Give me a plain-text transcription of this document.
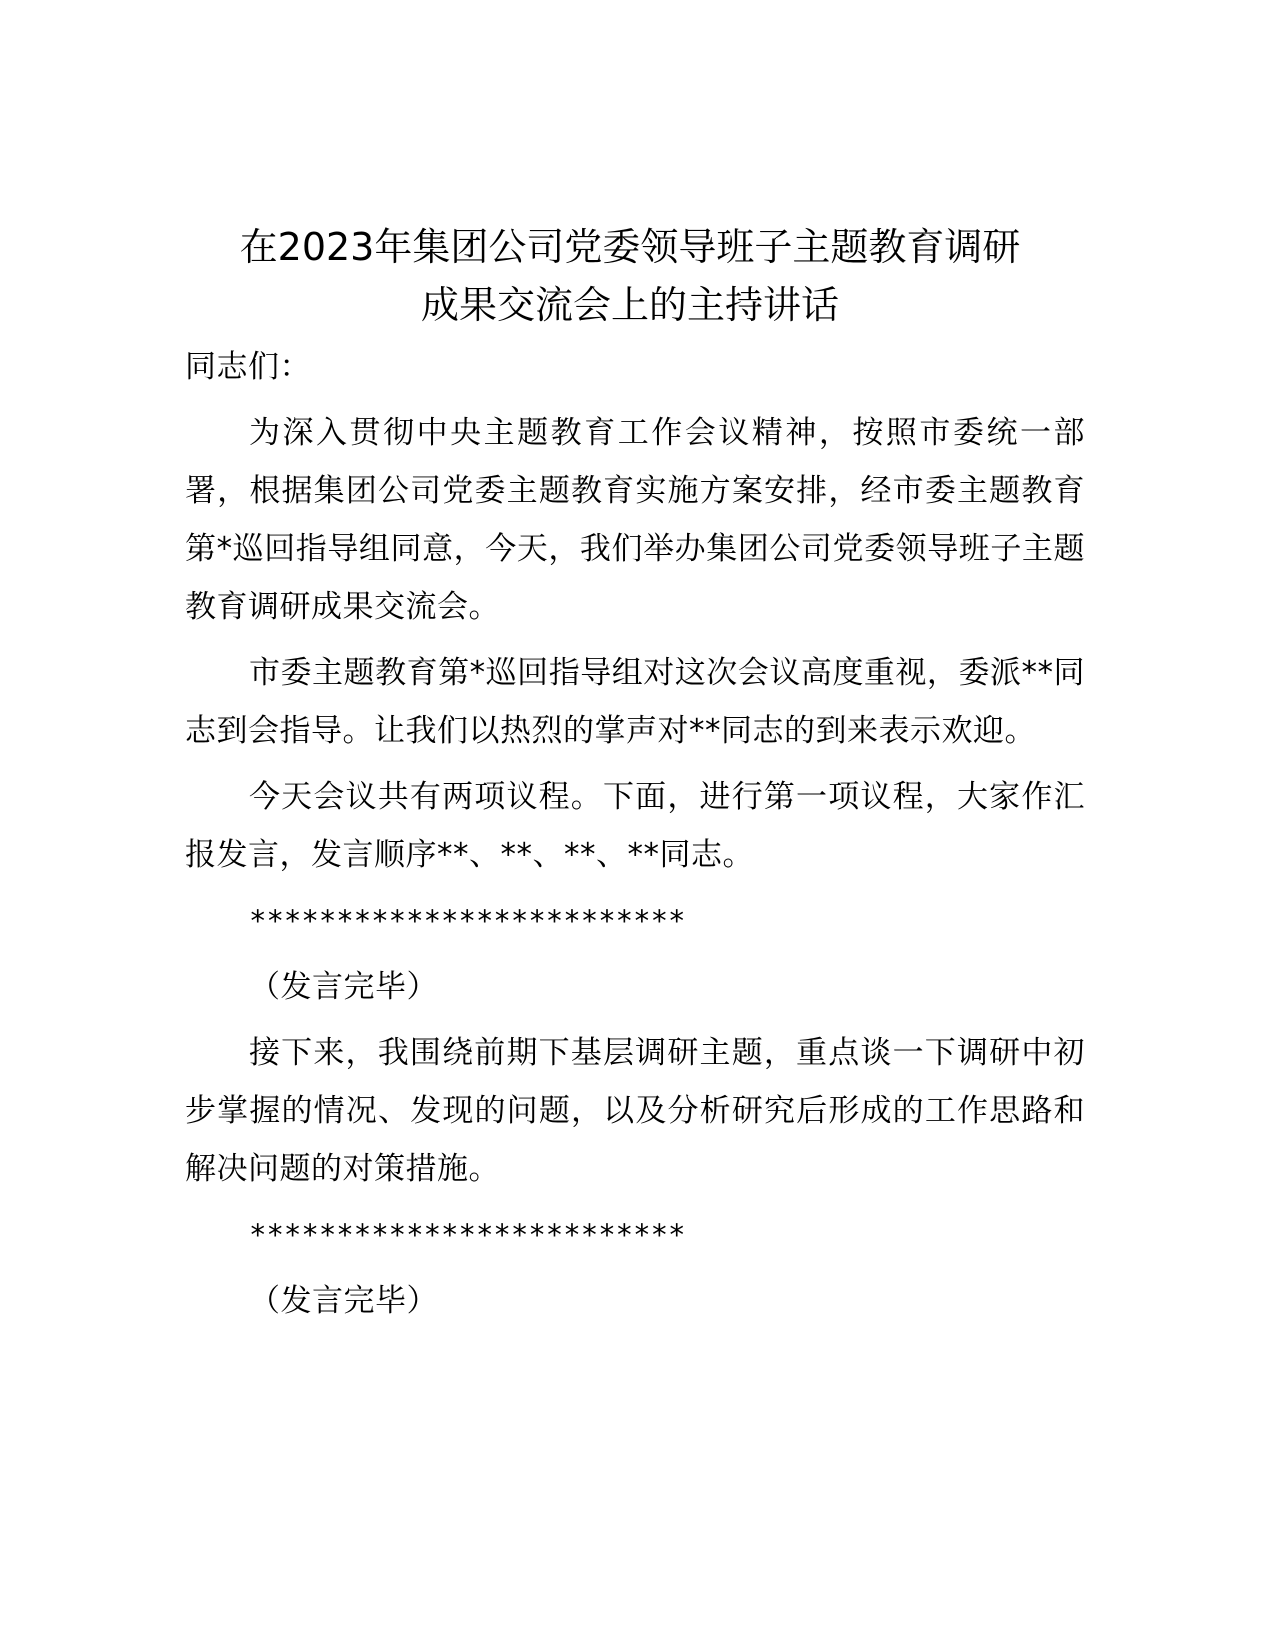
在2023年集团公司党委领导班子主题教育调研
成果交流会上的主持讲话

同志们：

为深入贯彻中央主题教育工作会议精神，按照市委统一部署，根据集团公司党委主题教育实施方案安排，经市委主题教育第*巡回指导组同意，今天，我们举办集团公司党委领导班子主题教育调研成果交流会。

市委主题教育第*巡回指导组对这次会议高度重视，委派**同志到会指导。让我们以热烈的掌声对**同志的到来表示欢迎。

今天会议共有两项议程。下面，进行第一项议程，大家作汇报发言，发言顺序**、**、**、**同志。

*************************

（发言完毕）

接下来，我围绕前期下基层调研主题，重点谈一下调研中初步掌握的情况、发现的问题，以及分析研究后形成的工作思路和解决问题的对策措施。

*************************

（发言完毕）
